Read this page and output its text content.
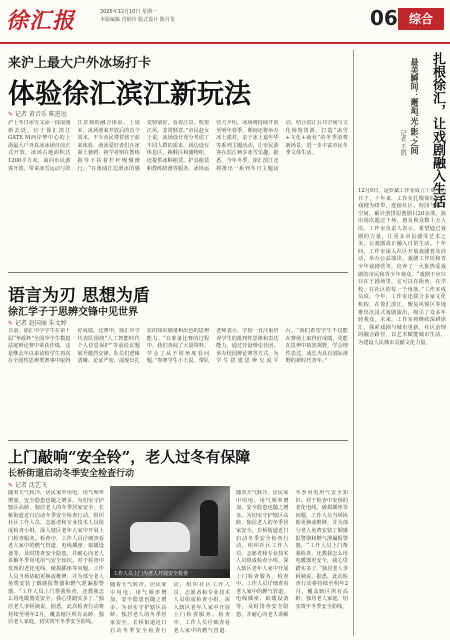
徐汇报	2025年12月10日 星期一
本版编辑 肖炳玲 版式设计 陈月雯	06 综合
来沪上最大户外冰场打卡
体验徐汇滨江新玩法
✎ 记者 黄音乐 陈进远
沪上冬日冰雪又添一抹浪漫新去处。位于徐汇滨江GATE M西岸梦中心的上海最大户外真冰冰场日前正式开放，冰场占地面积达1200平方米，面向市民游客开放，带来冰雪运动与滨江景观的融合体验。上周末，冰场迎来开放后的首个周末，不少市民带着孩子前来体验，滑冰爱好者们在冰面上驰骋，初学者则在教练指导下扶着栏杆慢慢滑行。“在黄浦江边滑冰的感觉特别好，看着江景，吹着江风，非常惬意。”市民赵女士说。冰场设计充分考虑了不同人群的需求，场边设有休息区、换鞋区和储物柜，还提供冰鞋租赁、护具租赁和教练陪滑等服务。冰场运营方介绍，冰场将持续开放至明年春季，期间还将举办冰上派对、亲子冰上嘉年华等系列主题活动，让市民游客在滨江畅享冰雪乐趣。据悉，今年冬季，徐汇滨江还将推出一系列冬日主题活动，结合滨江公共空间与文化场馆资源，打造“冰雪+文化+商业”的冬季消费新场景，进一步丰富市民冬季文体生活。
语言为刃 思想为盾
徐汇学子于思辨交锋中见世界
✎ 记者 赵国丽 朱文婷
日前，徐汇中学学生在第十届“华政杯”全国中学生模拟法庭辩论赛中荣获佳绩，这是继去年以来该校学生再次在全国性思辨类赛事中取得好成绩。比赛中，徐汇中学代表队围绕“人工智能时代个人信息保护”等前沿议题展开激烈交锋。队员们逻辑清晰、论证严密，展现出扎实的知识储备和出色的思辨能力。“在准备比赛的过程中，我们查阅了大量资料，学会了从不同角度看问题。”参赛学生小王说。带队老师表示，学校一直注重培养学生的批判性思维和表达能力，通过开设辩论社团、举办校园辩论赛等方式，为学生搭建思辨交流平台。“我们希望学生不仅能在赛场上取得好成绩，更能在思辨中拓宽视野，学会理性表达，成长为具有国际视野的新时代青年。”
上门敲响“安全铃”，老人过冬有保障
长桥街道启动冬季安全检查行动
✎ 记者 沈艺飞
随着天气转冷，居民家中用电、用气频率增加，安全隐患也随之增多。为切实守护辖区高龄、独居老人的冬季居家安全，长桥街道近日启动冬季安全检查行动，组织社区工作人员、志愿者和专业技术人员组成检查小组，深入辖区老年人家中开展上门检查服务。检查中，工作人员仔细查看老人家中的燃气管道、电线插座、取暖设备等，及时排查安全隐患，并耐心向老人讲解冬季用电用气安全知识。对于检查中发现的老化电线、破损插座等问题，工作人员当场协助更换或维修，并为部分老人免费安装了烟感报警器和燃气泄漏报警器。“工作人员上门帮我检查，还教我怎么用电暖器更安全，我心里踏实多了。”独居老人李阿姨说。据悉，此次检查行动将持续至明年2月，覆盖辖区所有高龄、独居老人家庭，切实筑牢冬季安全防线。
工作人员上门为老人开展安全检查
随着天气转冷，居民家中用电、用气频率增加，安全隐患也随之增多。为切实守护辖区高龄、独居老人的冬季居家安全，长桥街道近日启动冬季安全检查行动，组织社区工作人员、志愿者和专业技术人员组成检查小组，深入辖区老年人家中开展上门检查服务。检查中，工作人员仔细查看老人家中的燃气管道、
随着天气转冷，居民家中用电、用气频率增加，安全隐患也随之增多。为切实守护辖区高龄、独居老人的冬季居家安全，长桥街道近日启动冬季安全检查行动，组织社区工作人员、志愿者和专业技术人员组成检查小组，深入辖区老年人家中开展上门检查服务。检查中，工作人员仔细查看老人家中的燃气管道、电线插座、取暖设备等，及时排查安全隐患，并耐心向老人讲解冬季用电用气安全知识。对于检查中发现的老化电线、破损插座等问题，工作人员当场协助更换或维修，并为部分老人免费安装了烟感报警器和燃气泄漏报警器。“工作人员上门帮我检查，还教我怎么用电暖器更安全，我心里踏实多了。”独居老人李阿姨说。据悉，此次检查行动将持续至明年2月，覆盖辖区所有高龄、独居老人家庭，切实筑牢冬季安全防线。
扎根徐汇，让戏剧融入生活
最美瞬间：邂逅‘光·影’之间
记者 王凯
12月9日，是罗斌工作室成立十周年的日子。十年来，工作室扎根徐汇，以戏剧为纽带，连接社区、校园与城市空间，累计创排原创剧目20余部，演出场次超过千场，惠及观众数十万人次。工作室负责人表示，希望通过戏剧的力量，让更多市民感受艺术之美，让戏剧真正融入日常生活。十年间，工作室深入社区开展戏剧普及活动，举办公益演出、戏剧工作坊和青少年戏剧营等，培养了一大批热爱戏剧的市民和青少年观众。“戏剧不应只存在于剧场里，它可以在街角、在学校、在社区的每一个角落。”工作室成员说。今年，工作室还联合多家文化机构，在徐汇滨江、衡复风貌区等地推出沉浸式戏剧演出，吸引了众多年轻观众。未来，工作室将继续深耕徐汇，探索戏剧与城市更新、社区治理的融合路径，以艺术赋能城市生活，为建设人民城市贡献文化力量。
